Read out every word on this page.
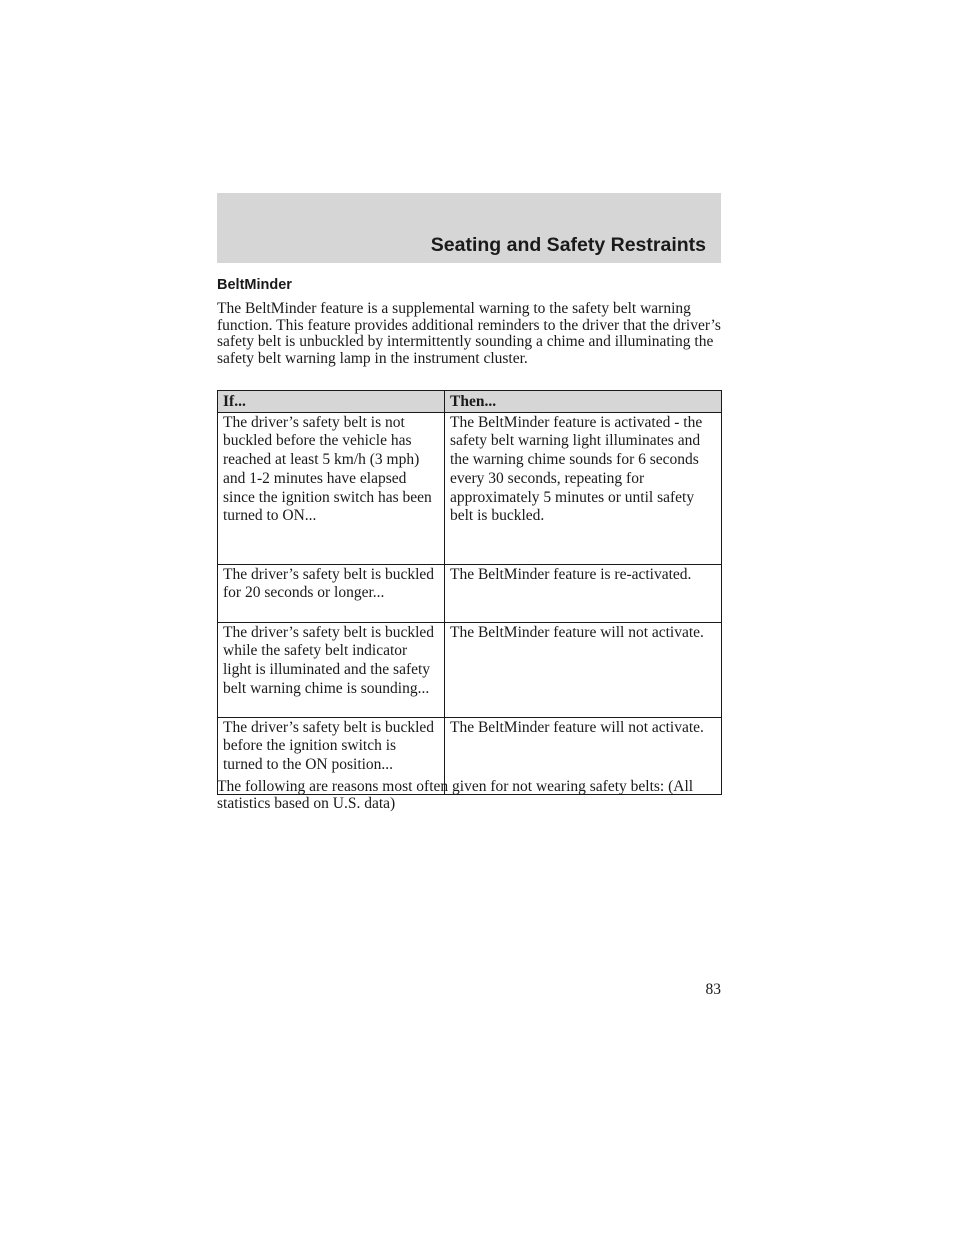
Seating and Safety Restraints
BeltMinder

The BeltMinder feature is a supplemental warning to the safety belt warning function. This feature provides additional reminders to the driver that the driver’s safety belt is unbuckled by intermittently sounding a chime and illuminating the safety belt warning lamp in the instrument cluster.

If...	Then...
The driver’s safety belt is not buckled before the vehicle has reached at least 5 km/h (3 mph) and 1-2 minutes have elapsed since the ignition switch has been turned to ON...	The BeltMinder feature is activated - the safety belt warning light illuminates and the warning chime sounds for 6 seconds every 30 seconds, repeating for approximately 5 minutes or until safety belt is buckled.
The driver’s safety belt is buckled for 20 seconds or longer...	The BeltMinder feature is re-activated.
The driver’s safety belt is buckled while the safety belt indicator light is illuminated and the safety belt warning chime is sounding...	The BeltMinder feature will not activate.
The driver’s safety belt is buckled before the ignition switch is turned to the ON position...	The BeltMinder feature will not activate.

The following are reasons most often given for not wearing safety belts: (All statistics based on U.S. data)

83
